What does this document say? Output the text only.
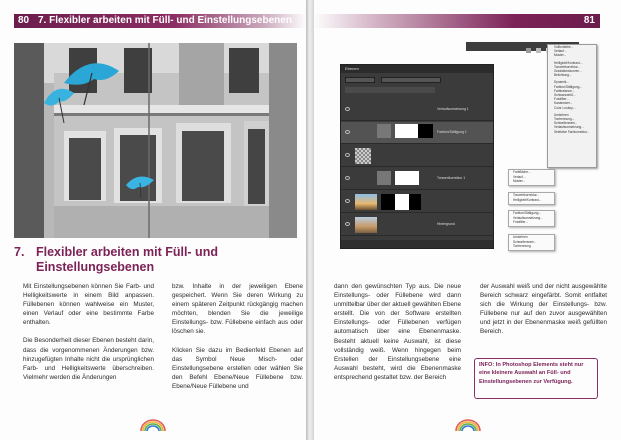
80 7. Flexibler arbeiten mit Füll- und Einstellungsebenen
7. Flexibler arbeiten mit Füll- und
Einstellungsebenen

Mit Einstellungsebenen können Sie Farb- und Helligkeitswerte in einem Bild anpassen. Füllebenen können wahlweise ein Muster, einen Verlauf oder eine bestimmte Farbe enthalten.

Die Besonderheit dieser Ebenen besteht darin, dass die vorgenommenen Änderungen bzw. hinzugefügten Inhalte nicht die ursprünglichen Farb- und Helligkeitswerte überschreiben. Vielmehr werden die Änderungen

bzw. Inhalte in der jeweiligen Ebene gespeichert. Wenn Sie deren Wirkung zu einem späteren Zeitpunkt rückgängig machen möchten, blenden Sie die jeweilige Einstellungs- bzw. Füllebene einfach aus oder löschen sie.

Klicken Sie dazu im Bedienfeld Ebenen auf das Symbol Neue Misch- oder Einstellungsebene erstellen oder wählen Sie den Befehl Ebene/Neue Füllebene bzw. Ebene/Neue Füllebene und

81
Ebenen
Verlaufsumsetzung 1
Farbton/Sättigung 1
Tonwertkorrektur 1
Hintergrund
Volltonfarbe...
Verlauf...
Muster...
Helligkeit/Kontrast...
Tonwertkorrektur...
Gradationskurven...
Belichtung...
Dynamik...
Farbton/Sättigung...
Farbbalance...
Schwarzweiß...
Fotofilter...
Kanalmixer...
Color Lookup...
Umkehren
Tontrennung...
Schwellenwert...
Verlaufsumsetzung...
Selektive Farbkorrektur...
Farbfläche...
Verlauf...
Muster...
Tonwertkorrektur...
Helligkeit/Kontrast...
Farbton/Sättigung...
Verlaufsumsetzung...
Fotofilter...
Umkehren
Schwellenwert...
Tontrennung

dann den gewünschten Typ aus. Die neue Einstellungs- oder Füllebene wird dann unmittelbar über der aktuell gewählten Ebene erstellt. Die von der Software erstellten Einstellungs- oder Füllebenen verfügen automatisch über eine Ebenenmaske. Besteht aktuell keine Auswahl, ist diese vollständig weiß. Wenn hingegen beim Erstellen der Einstellungsebene eine Auswahl besteht, wird die Ebenenmaske entsprechend gestaltet bzw. der Bereich

der Auswahl weiß und der nicht ausgewählte Bereich schwarz eingefärbt. Somit entfaltet sich die Wirkung der Einstellungs- bzw. Füllebene nur auf den zuvor ausgewählten und jetzt in der Ebenenmaske weiß gefüllten Bereich.

INFO: In Photoshop Elements steht nur eine kleinere Auswahl an Füll- und Einstellungsebenen zur Verfügung.
